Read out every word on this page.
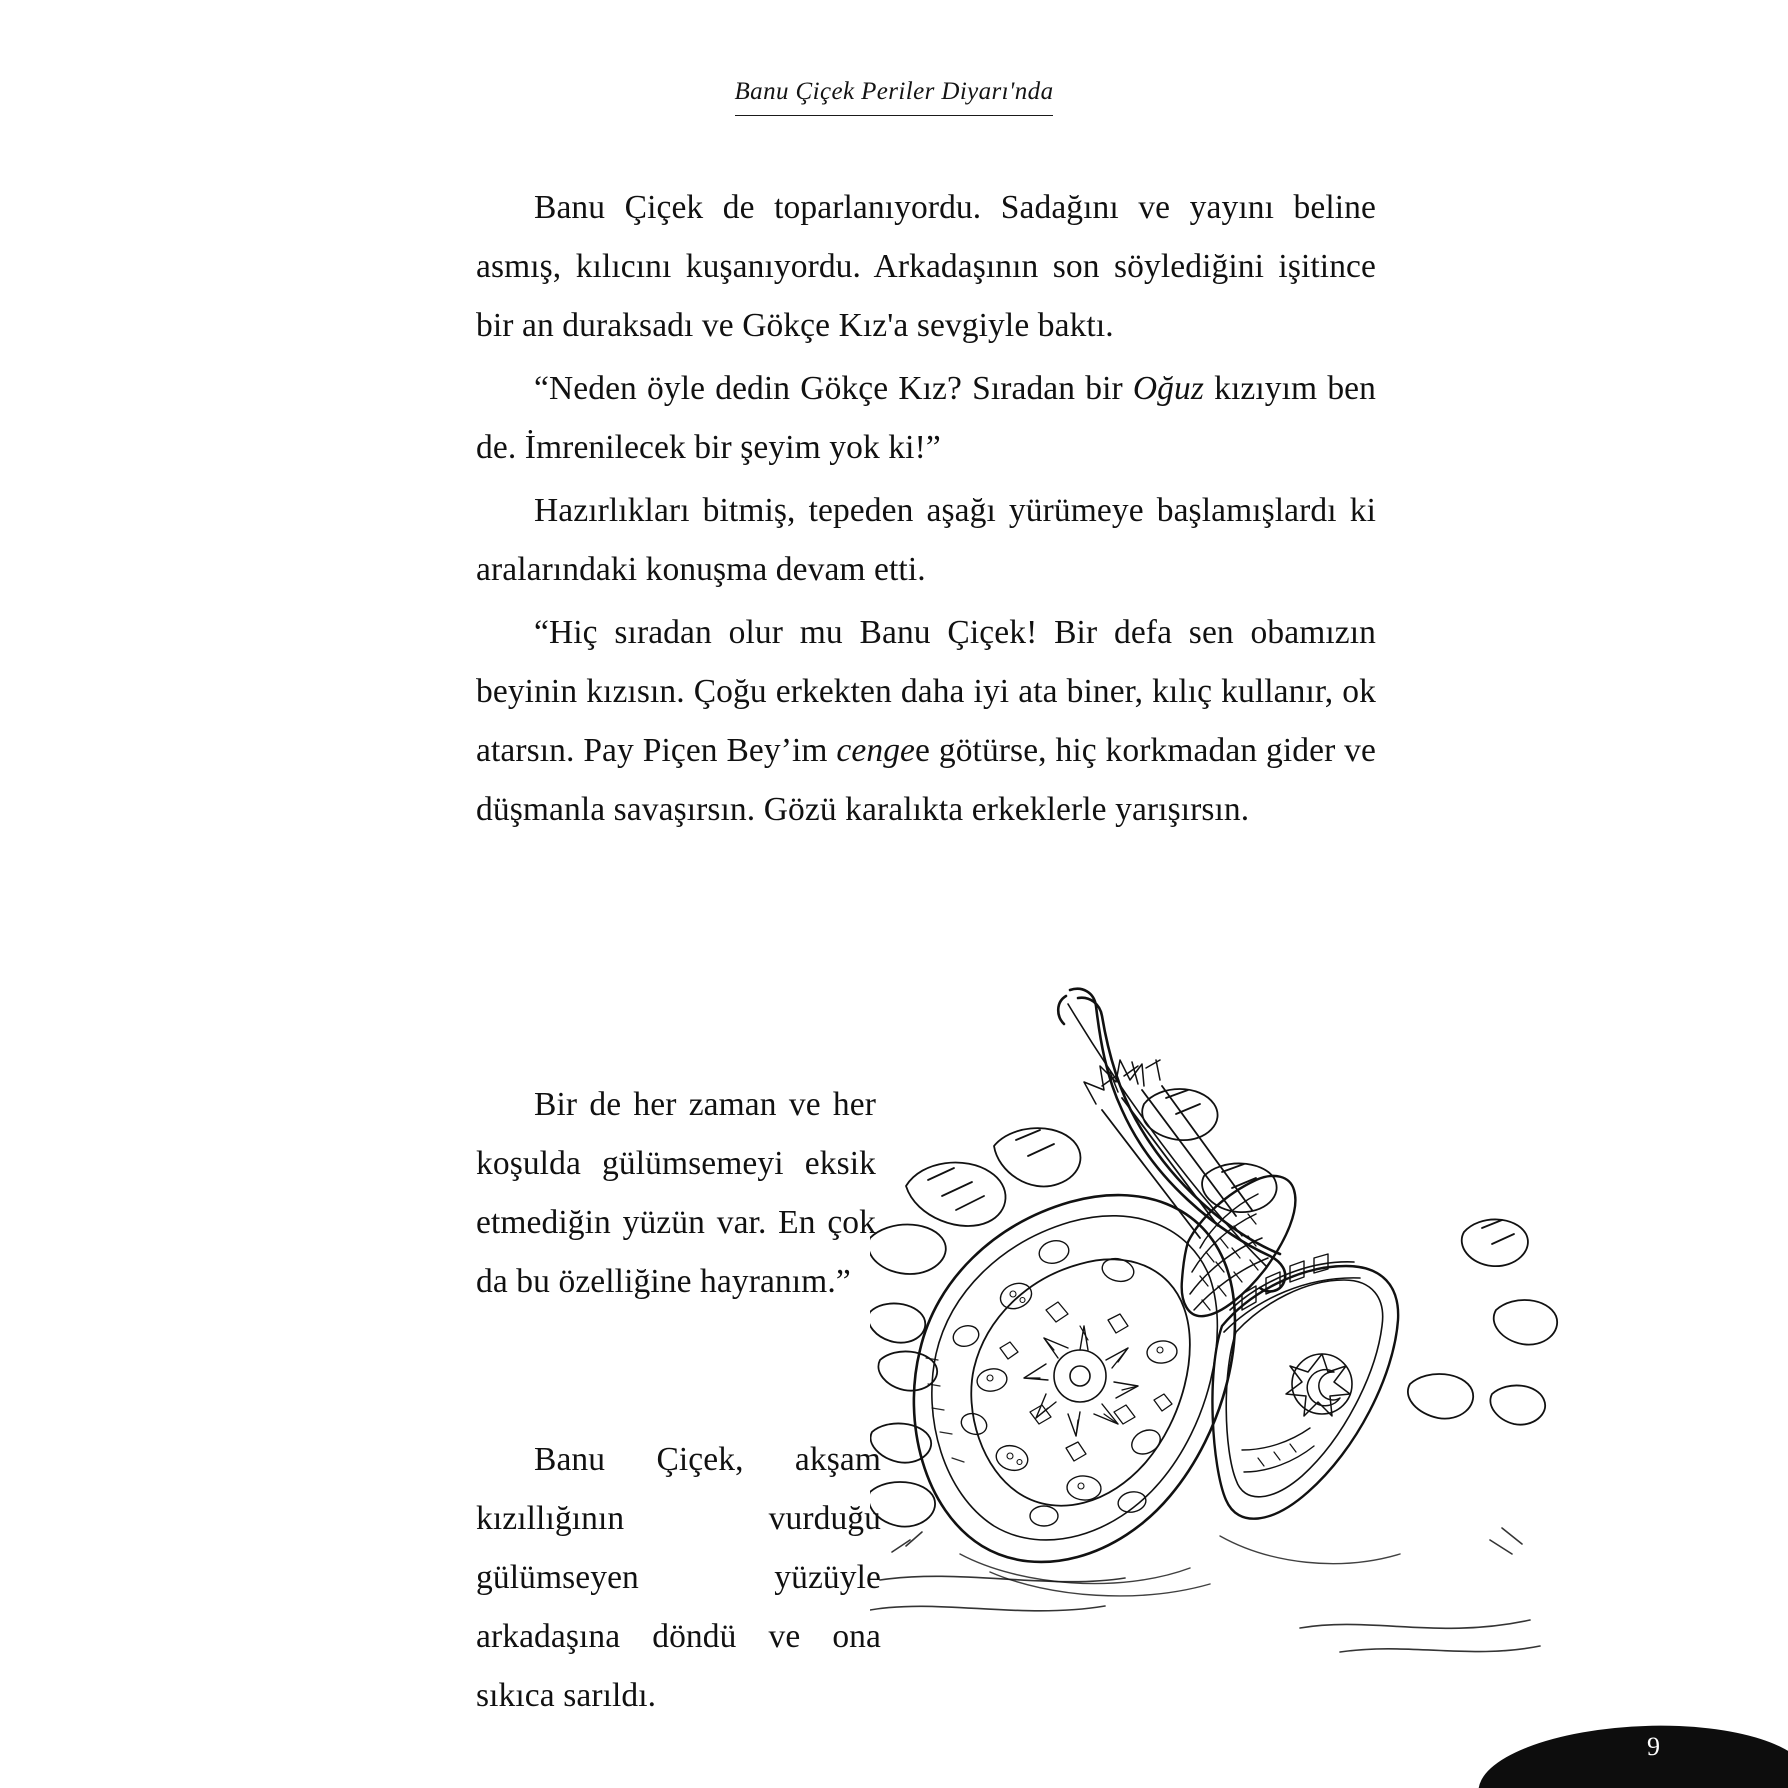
Banu Çiçek Periler Diyarı'nda

Banu Çiçek de toparlanıyordu. Sadağını ve yayını beline asmış, kılıcını kuşanıyordu. Arkadaşının son söylediğini işitince bir an duraksadı ve Gökçe Kız'a sevgiyle baktı.

“Neden öyle dedin Gökçe Kız? Sıradan bir Oğuz kızıyım ben de. İmrenilecek bir şeyim yok ki!”

Hazırlıkları bitmiş, tepeden aşağı yürümeye başlamışlardı ki aralarındaki konuşma devam etti.

“Hiç sıradan olur mu Banu Çiçek! Bir defa sen obamızın beyinin kızısın. Çoğu erkekten daha iyi ata biner, kılıç kullanır, ok atarsın. Pay Piçen Bey’im cengee götürse, hiç korkmadan gider ve düşmanla savaşırsın. Gözü karalıkta erkeklerle yarışırsın.

Bir de her zaman ve her koşulda gülümsemeyi eksik etmediğin yüzün var. En çok da bu özelliğine hayranım.”

Banu Çiçek, akşam kızıllığının vurduğu gülümseyen yüzüyle arkadaşına döndü ve ona sıkıca sarıldı.

9
